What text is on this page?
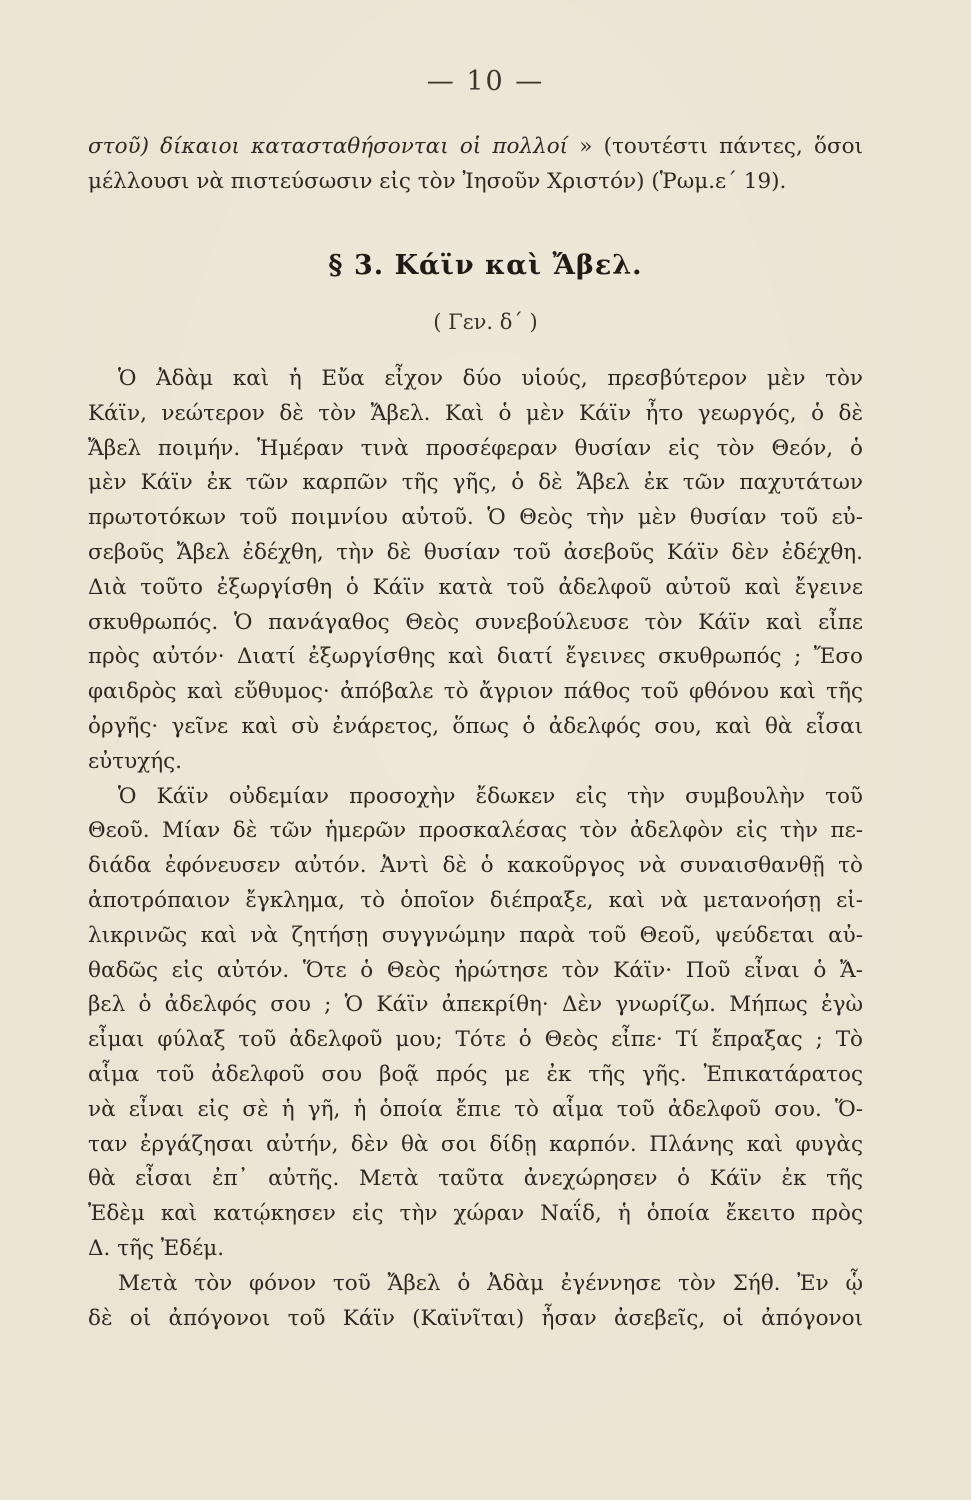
— 10 —
στοῦ) δίκαιοι κατασταθήσονται οἱ πολλοί » (τουτέστι πάντες, ὅσοι
μέλλουσι νὰ πιστεύσωσιν εἰς τὸν Ἰησοῦν Χριστόν) (Ῥωμ.ε΄ 19).
§ 3. Κάϊν καὶ Ἄβελ.
( Γεν. δ΄ )
Ὁ Ἀδὰμ καὶ ἡ Εὔα εἶχον δύο υἱούς, πρεσβύτερον μὲν τὸν
Κάϊν, νεώτερον δὲ τὸν Ἄβελ. Καὶ ὁ μὲν Κάϊν ἦτο γεωργός, ὁ δὲ
Ἄβελ ποιμήν. Ἡμέραν τινὰ προσέφεραν θυσίαν εἰς τὸν Θεόν, ὁ
μὲν Κάϊν ἐκ τῶν καρπῶν τῆς γῆς, ὁ δὲ Ἄβελ ἐκ τῶν παχυτάτων
πρωτοτόκων τοῦ ποιμνίου αὐτοῦ. Ὁ Θεὸς τὴν μὲν θυσίαν τοῦ εὐ-
σεβοῦς Ἄβελ ἐδέχθη, τὴν δὲ θυσίαν τοῦ ἀσεβοῦς Κάϊν δὲν ἐδέχθη.
Διὰ τοῦτο ἐξωργίσθη ὁ Κάϊν κατὰ τοῦ ἀδελφοῦ αὐτοῦ καὶ ἔγεινε
σκυθρωπός. Ὁ πανάγαθος Θεὸς συνεβούλευσε τὸν Κάϊν καὶ εἶπε
πρὸς αὐτόν· Διατί ἐξωργίσθης καὶ διατί ἔγεινες σκυθρωπός ; Ἔσο
φαιδρὸς καὶ εὔθυμος· ἀπόβαλε τὸ ἄγριον πάθος τοῦ φθόνου καὶ τῆς
ὀργῆς· γεῖνε καὶ σὺ ἐνάρετος, ὅπως ὁ ἀδελφός σου, καὶ θὰ εἶσαι
εὐτυχής.
Ὁ Κάϊν οὐδεμίαν προσοχὴν ἔδωκεν εἰς τὴν συμβουλὴν τοῦ
Θεοῦ. Μίαν δὲ τῶν ἡμερῶν προσκαλέσας τὸν ἀδελφὸν εἰς τὴν πε-
διάδα ἐφόνευσεν αὐτόν. Ἀντὶ δὲ ὁ κακοῦργος νὰ συναισθανθῇ τὸ
ἀποτρόπαιον ἔγκλημα, τὸ ὁποῖον διέπραξε, καὶ νὰ μετανοήσῃ εἰ-
λικρινῶς καὶ νὰ ζητήσῃ συγγνώμην παρὰ τοῦ Θεοῦ, ψεύδεται αὐ-
θαδῶς εἰς αὐτόν. Ὅτε ὁ Θεὸς ἠρώτησε τὸν Κάϊν· Ποῦ εἶναι ὁ Ἄ-
βελ ὁ ἀδελφός σου ; Ὁ Κάϊν ἀπεκρίθη· Δὲν γνωρίζω. Μήπως ἐγὼ
εἶμαι φύλαξ τοῦ ἀδελφοῦ μου; Τότε ὁ Θεὸς εἶπε· Τί ἔπραξας ; Τὸ
αἷμα τοῦ ἀδελφοῦ σου βοᾷ πρός με ἐκ τῆς γῆς. Ἐπικατάρατος
νὰ εἶναι εἰς σὲ ἡ γῆ, ἡ ὁποία ἔπιε τὸ αἷμα τοῦ ἀδελφοῦ σου. Ὅ-
ταν ἐργάζησαι αὐτήν, δὲν θὰ σοι δίδῃ καρπόν. Πλάνης καὶ φυγὰς
θὰ εἶσαι ἐπ᾿ αὐτῆς. Μετὰ ταῦτα ἀνεχώρησεν ὁ Κάϊν ἐκ τῆς
Ἐδὲμ καὶ κατῴκησεν εἰς τὴν χώραν Ναΐδ, ἡ ὁποία ἔκειτο πρὸς
Δ. τῆς Ἐδέμ.
Μετὰ τὸν φόνον τοῦ Ἄβελ ὁ Ἀδὰμ ἐγέννησε τὸν Σήθ. Ἐν ᾧ
δὲ οἱ ἀπόγονοι τοῦ Κάϊν (Καϊνῖται) ἦσαν ἀσεβεῖς, οἱ ἀπόγονοι
